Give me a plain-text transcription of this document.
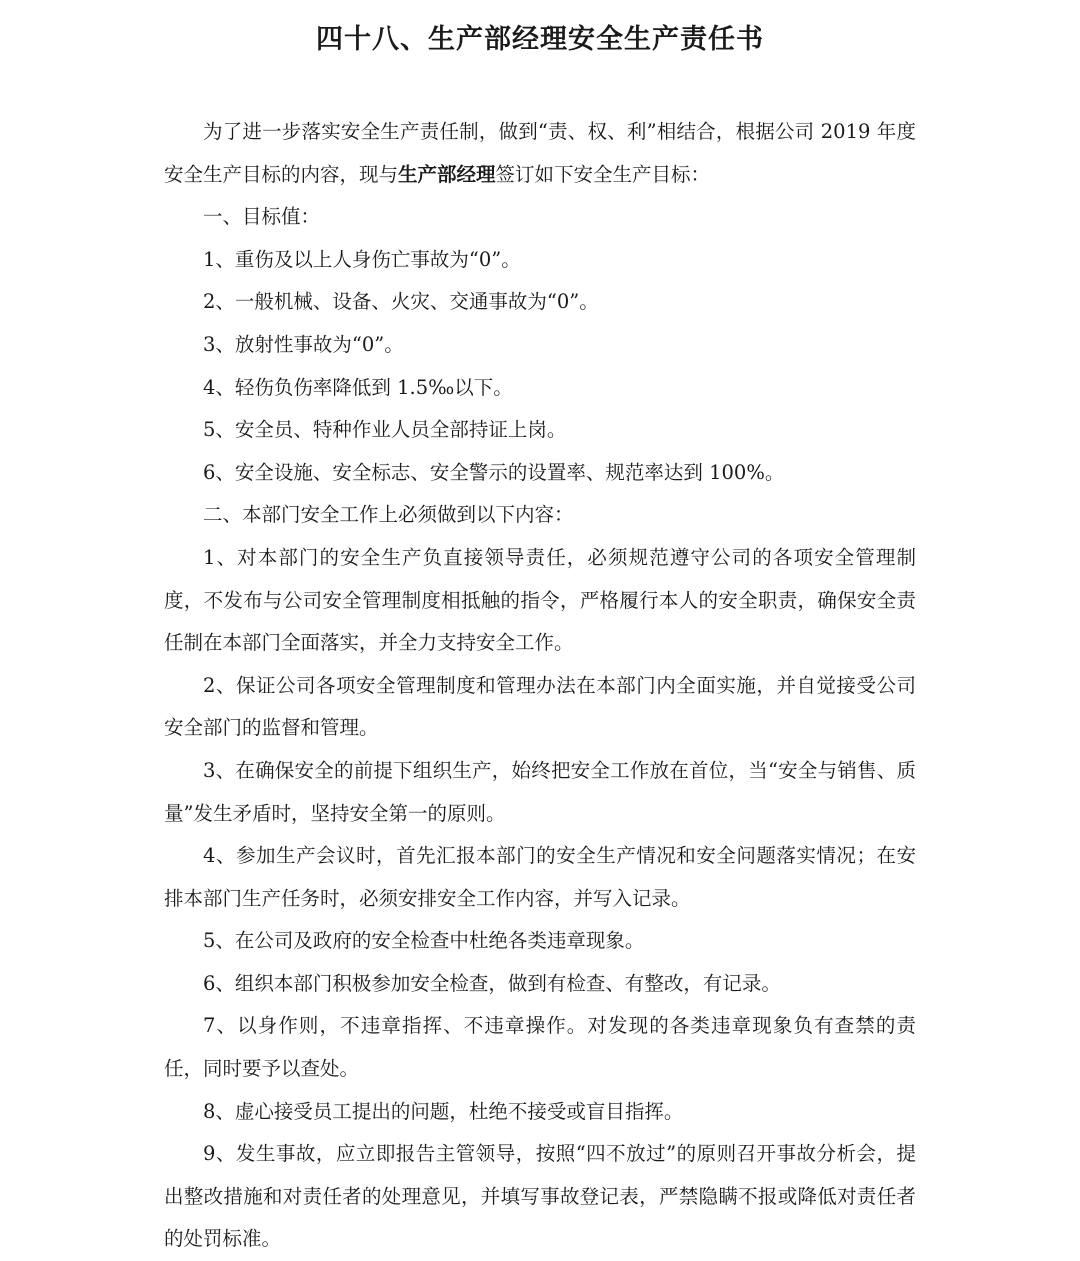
四十八、生产部经理安全生产责任书

为了进一步落实安全生产责任制，做到“责、权、利”相结合，根据公司 2019 年度安全生产目标的内容，现与生产部经理签订如下安全生产目标：

一、目标值：

1、重伤及以上人身伤亡事故为“0”。

2、一般机械、设备、火灾、交通事故为“0”。

3、放射性事故为“0”。

4、轻伤负伤率降低到 1.5‰以下。

5、安全员、特种作业人员全部持证上岗。

6、安全设施、安全标志、安全警示的设置率、规范率达到 100%。

二、本部门安全工作上必须做到以下内容：

1、对本部门的安全生产负直接领导责任，必须规范遵守公司的各项安全管理制度，不发布与公司安全管理制度相抵触的指令，严格履行本人的安全职责，确保安全责任制在本部门全面落实，并全力支持安全工作。

2、保证公司各项安全管理制度和管理办法在本部门内全面实施，并自觉接受公司安全部门的监督和管理。

3、在确保安全的前提下组织生产，始终把安全工作放在首位，当“安全与销售、质量”发生矛盾时，坚持安全第一的原则。

4、参加生产会议时，首先汇报本部门的安全生产情况和安全问题落实情况；在安排本部门生产任务时，必须安排安全工作内容，并写入记录。

5、在公司及政府的安全检查中杜绝各类违章现象。

6、组织本部门积极参加安全检查，做到有检查、有整改，有记录。

7、以身作则，不违章指挥、不违章操作。对发现的各类违章现象负有查禁的责任，同时要予以查处。

8、虚心接受员工提出的问题，杜绝不接受或盲目指挥。

9、发生事故，应立即报告主管领导，按照“四不放过”的原则召开事故分析会，提出整改措施和对责任者的处理意见，并填写事故登记表，严禁隐瞒不报或降低对责任者的处罚标准。
